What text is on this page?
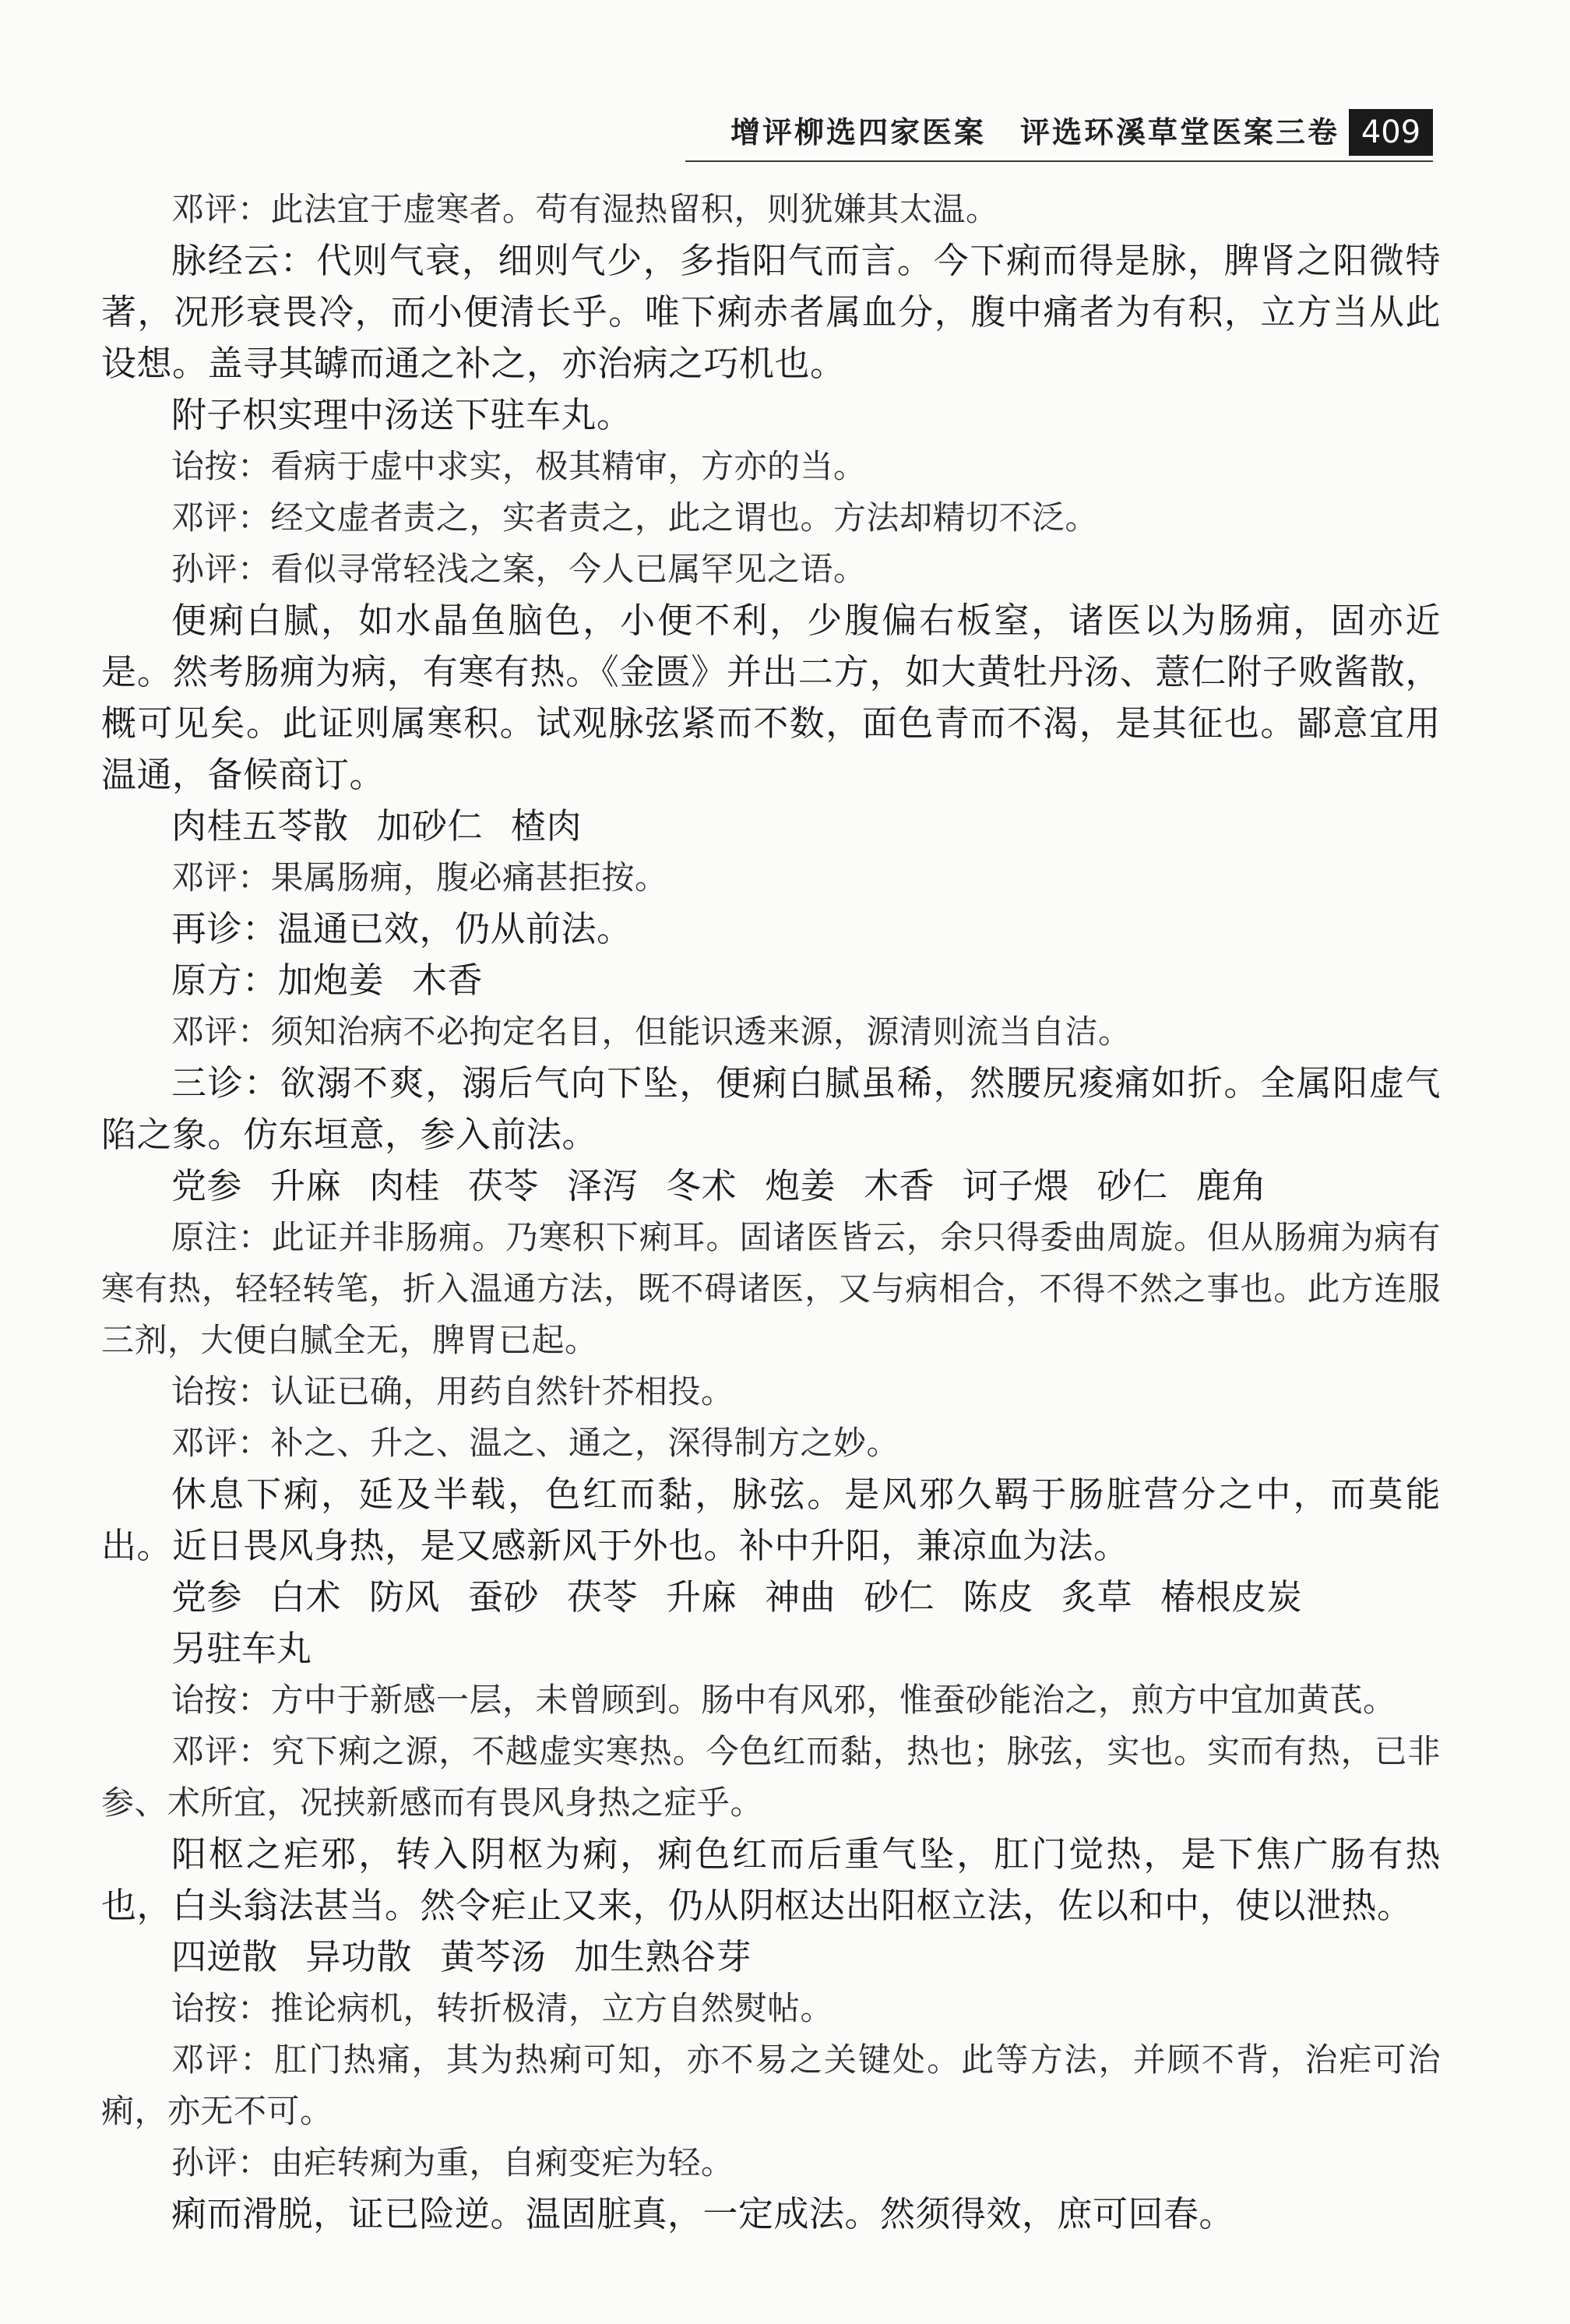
增评柳选四家医案 评选环溪草堂医案三卷 409

邓评：此法宜于虚寒者。苟有湿热留积，则犹嫌其太温。

脉经云：代则气衰，细则气少，多指阳气而言。今下痢而得是脉，脾肾之阳微特著，况形衰畏冷，而小便清长乎。唯下痢赤者属血分，腹中痛者为有积，立方当从此设想。盖寻其罅而通之补之，亦治病之巧机也。

附子枳实理中汤送下驻车丸。

诒按：看病于虚中求实，极其精审，方亦的当。

邓评：经文虚者责之，实者责之，此之谓也。方法却精切不泛。

孙评：看似寻常轻浅之案，今人已属罕见之语。

便痢白腻，如水晶鱼脑色，小便不利，少腹偏右板窒，诸医以为肠痈，固亦近是。然考肠痈为病，有寒有热。《金匮》并出二方，如大黄牡丹汤、薏仁附子败酱散，概可见矣。此证则属寒积。试观脉弦紧而不数，面色青而不渴，是其征也。鄙意宜用温通，备候商订。

肉桂五苓散 加砂仁 楂肉

邓评：果属肠痈，腹必痛甚拒按。

再诊：温通已效，仍从前法。

原方：加炮姜 木香

邓评：须知治病不必拘定名目，但能识透来源，源清则流当自洁。

三诊：欲溺不爽，溺后气向下坠，便痢白腻虽稀，然腰尻痠痛如折。全属阳虚气陷之象。仿东垣意，参入前法。

党参 升麻 肉桂 茯苓 泽泻 冬术 炮姜 木香 诃子煨 砂仁 鹿角

原注：此证并非肠痈。乃寒积下痢耳。固诸医皆云，余只得委曲周旋。但从肠痈为病有寒有热，轻轻转笔，折入温通方法，既不碍诸医，又与病相合，不得不然之事也。此方连服三剂，大便白腻全无，脾胃已起。

诒按：认证已确，用药自然针芥相投。

邓评：补之、升之、温之、通之，深得制方之妙。

休息下痢，延及半载，色红而黏，脉弦。是风邪久羁于肠脏营分之中，而莫能出。近日畏风身热，是又感新风于外也。补中升阳，兼凉血为法。

党参 白术 防风 蚕砂 茯苓 升麻 神曲 砂仁 陈皮 炙草 椿根皮炭

另驻车丸

诒按：方中于新感一层，未曾顾到。肠中有风邪，惟蚕砂能治之，煎方中宜加黄芪。

邓评：究下痢之源，不越虚实寒热。今色红而黏，热也；脉弦，实也。实而有热，已非参、术所宜，况挟新感而有畏风身热之症乎。

阳枢之疟邪，转入阴枢为痢，痢色红而后重气坠，肛门觉热，是下焦广肠有热也，白头翁法甚当。然令疟止又来，仍从阴枢达出阳枢立法，佐以和中，使以泄热。

四逆散 异功散 黄芩汤 加生熟谷芽

诒按：推论病机，转折极清，立方自然熨帖。

邓评：肛门热痛，其为热痢可知，亦不易之关键处。此等方法，并顾不背，治疟可治痢，亦无不可。

孙评：由疟转痢为重，自痢变疟为轻。

痢而滑脱，证已险逆。温固脏真，一定成法。然须得效，庶可回春。
